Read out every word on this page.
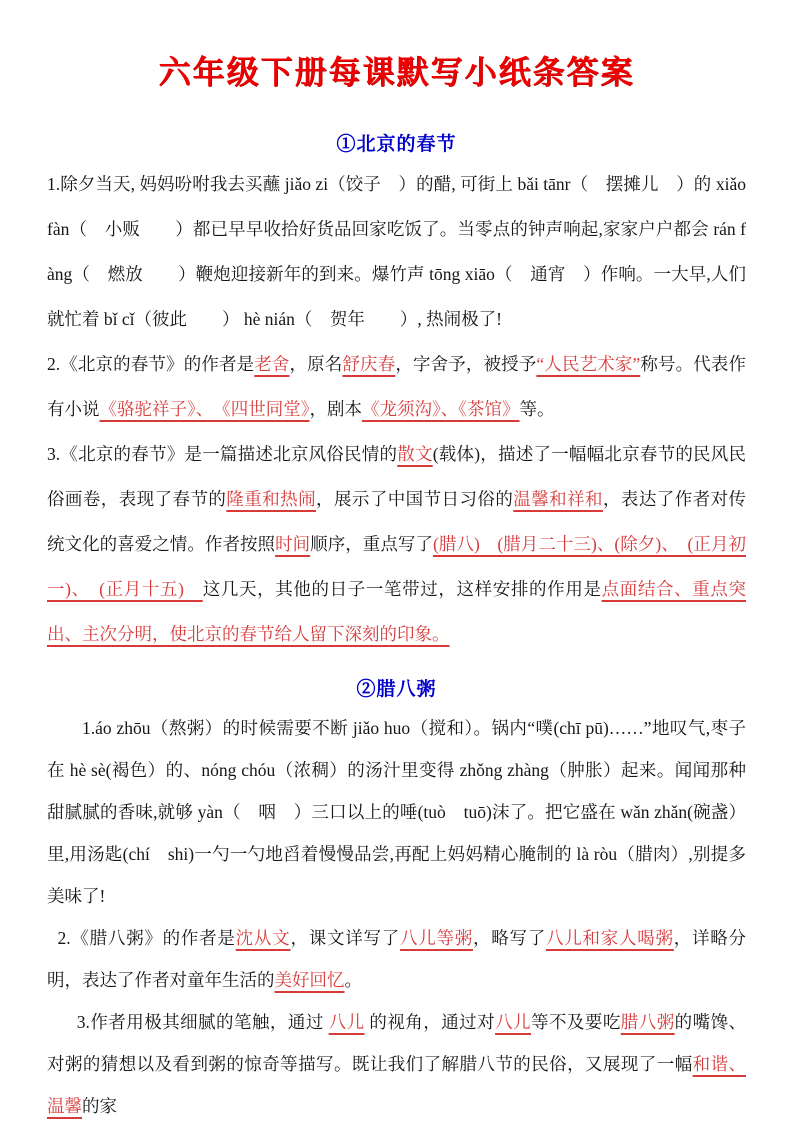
六年级下册每课默写小纸条答案
①北京的春节

1.除夕当天, 妈妈吩咐我去买蘸 jiǎo zi（饺子　）的醋, 可街上 bǎi tānr（　摆摊儿　）的 xiǎo fàn（　小贩　　）都已早早收拾好货品回家吃饭了。当零点的钟声响起,家家户户都会 rán fàng（　燃放　　）鞭炮迎接新年的到来。爆竹声 tōng xiāo（　通宵　）作响。一大早,人们就忙着 bǐ cǐ（彼此　　） hè nián（　贺年　　）, 热闹极了!

2.《北京的春节》的作者是老舍，原名舒庆春，字舍予，被授予“人民艺术家”称号。代表作有小说《骆驼祥子》、　《四世同堂》，剧本《龙须沟》、《茶馆》等。

3.《北京的春节》是一篇描述北京风俗民情的散文(载体)，描述了一幅幅北京春节的民风民俗画卷，表现了春节的隆重和热闹，展示了中国节日习俗的温馨和祥和，表达了作者对传统文化的喜爱之情。作者按照时间顺序，重点写了(腊八)　(腊月二十三)、(除夕)、　(正月初一)、　(正月十五)　这几天，其他的日子一笔带过，这样安排的作用是点面结合、重点突出、主次分明，使北京的春节给人留下深刻的印象。

②腊八粥

1.áo zhōu（熬粥）的时候需要不断 jiǎo huo（搅和）。锅内“噗(chī pū)……”地叹气,枣子在 hè sè(褐色）的、nóng chóu（浓稠）的汤汁里变得 zhǒng zhàng（肿胀）起来。闻闻那种甜腻腻的香味,就够 yàn（　咽　）三口以上的唾(tuò　tuō)沫了。把它盛在 wǎn zhǎn(碗盏）里,用汤匙(chí　shi)一勺一勺地舀着慢慢品尝,再配上妈妈精心腌制的 là ròu（腊肉）,别提多美味了!

2.《腊八粥》的作者是沈从文，课文详写了八儿等粥，略写了八儿和家人喝粥，详略分明，表达了作者对童年生活的美好回忆。

3.作者用极其细腻的笔触，通过 八儿 的视角，通过对八儿等不及要吃腊八粥的嘴馋、对粥的猜想以及看到粥的惊奇等描写。既让我们了解腊八节的民俗，又展现了一幅和谐、温馨的家
